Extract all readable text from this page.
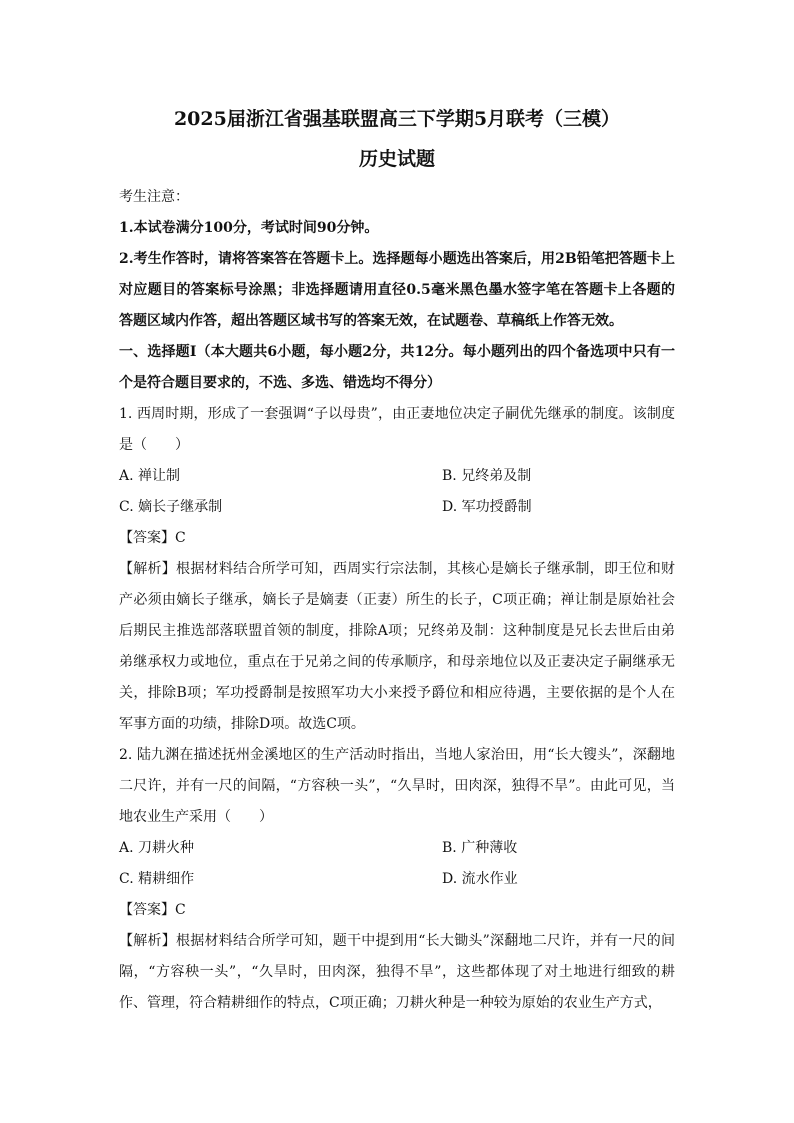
2025届浙江省强基联盟高三下学期5月联考（三模）

历史试题

考生注意：

1.本试卷满分100分，考试时间90分钟。

2.考生作答时，请将答案答在答题卡上。选择题每小题选出答案后，用2B铅笔把答题卡上对应题目的答案标号涂黑；非选择题请用直径0.5毫米黑色墨水签字笔在答题卡上各题的答题区域内作答，超出答题区域书写的答案无效，在试题卷、草稿纸上作答无效。

一、选择题Ⅰ（本大题共6小题，每小题2分，共12分。每小题列出的四个备选项中只有一个是符合题目要求的，不选、多选、错选均不得分）

1. 西周时期，形成了一套强调“子以母贵”，由正妻地位决定子嗣优先继承的制度。该制度是（　　）

A. 禅让制	B. 兄终弟及制
C. 嫡长子继承制	D. 军功授爵制

【答案】C

【解析】根据材料结合所学可知，西周实行宗法制，其核心是嫡长子继承制，即王位和财产必须由嫡长子继承，嫡长子是嫡妻（正妻）所生的长子，C项正确；禅让制是原始社会后期民主推选部落联盟首领的制度，排除A项；兄终弟及制：这种制度是兄长去世后由弟弟继承权力或地位，重点在于兄弟之间的传承顺序，和母亲地位以及正妻决定子嗣继承无关，排除B项；军功授爵制是按照军功大小来授予爵位和相应待遇，主要依据的是个人在军事方面的功绩，排除D项。故选C项。

2. 陆九渊在描述抚州金溪地区的生产活动时指出，当地人家治田，用“长大锼头”，深翻地二尺许，并有一尺的间隔，“方容秧一头”，“久旱时，田肉深，独得不旱”。由此可见，当地农业生产采用（　　）

A. 刀耕火种	B. 广种薄收
C. 精耕细作	D. 流水作业

【答案】C

【解析】根据材料结合所学可知，题干中提到用“长大锄头”深翻地二尺许，并有一尺的间隔，“方容秧一头”，“久旱时，田肉深，独得不旱”，这些都体现了对土地进行细致的耕作、管理，符合精耕细作的特点，C项正确；刀耕火种是一种较为原始的农业生产方式，
